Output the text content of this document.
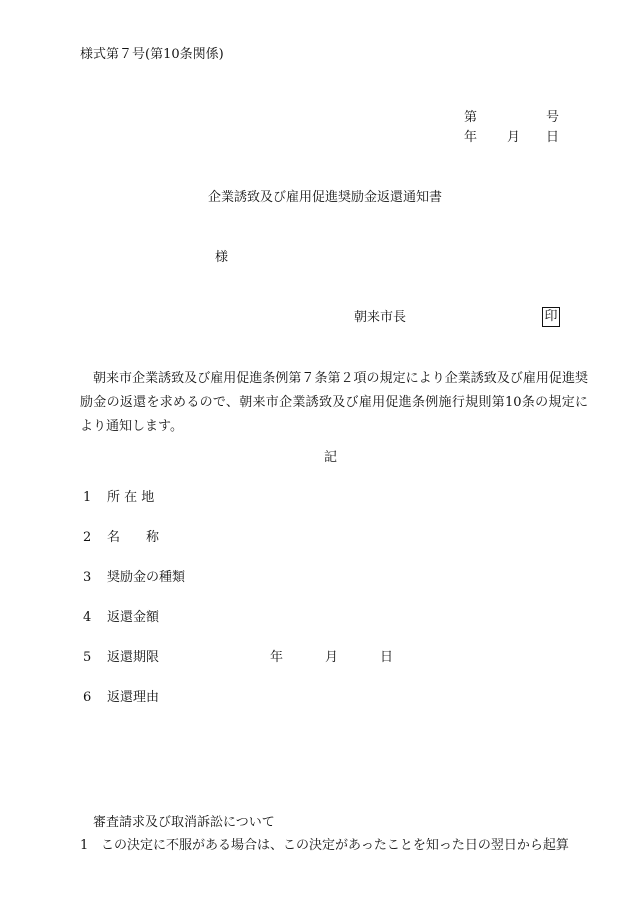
様式第７号(第10条関係)
第	号
年 月 日
企業誘致及び雇用促進奨励金返還通知書
様
朝来市長	印
朝来市企業誘致及び雇用促進条例第７条第２項の規定により企業誘致及び雇用促進奨励金の返還を求めるので、朝来市企業誘致及び雇用促進条例施行規則第10条の規定により通知します。
記
1 所 在 地
2 名　　称
3 奨励金の種類
4 返還金額
5 返還期限	年	月	日
6 返還理由
審査請求及び取消訴訟について
1 この決定に不服がある場合は、この決定があったことを知った日の翌日から起算
